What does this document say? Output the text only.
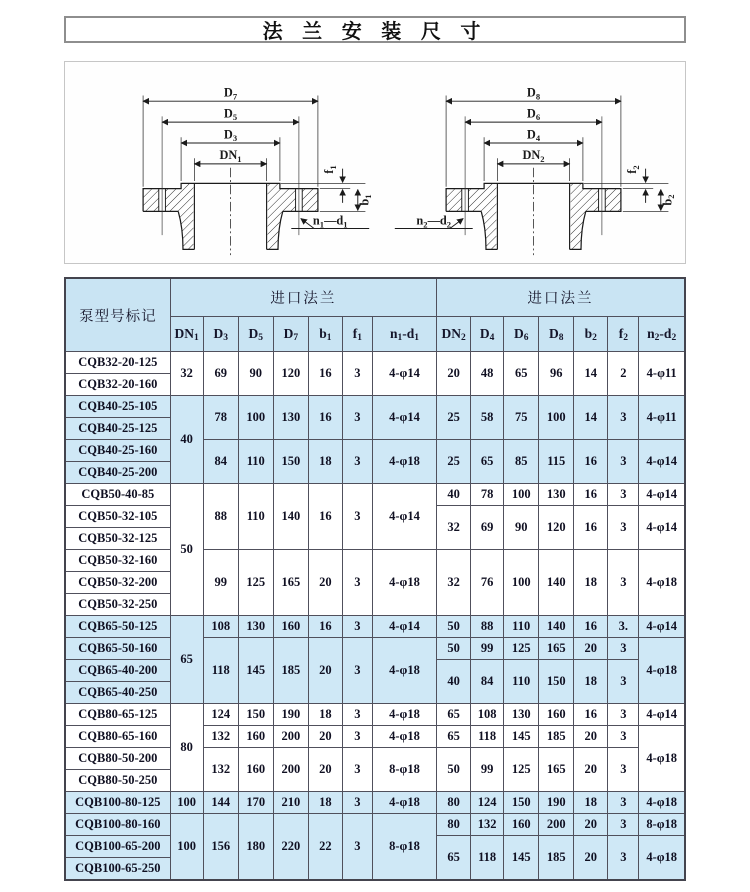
法 兰 安 装 尺 寸
$D_7$
$D_5$
$D_3$
$DN_1$
$f_1$
$b_1$
$n_1—d_1$
$D_8$
$D_6$
$D_4$
$DN_2$
$f_2$
$b_2$
$n_2—d_2$
泵型号标记	进口法兰							进口法兰						
	$DN_1$	$D_3$	$D_5$	$D_7$	$b_1$	$f_1$	$n_1-d_1$	$DN_2$	$D_4$	$D_6$	$D_8$	$b_2$	$f_2$	$n_2-d_2$
CQB32-20-125	32	69	90	120	16	3	4-φ14	20	48	65	96	14	2	4-φ11
CQB32-20-160														
CQB40-25-105	40	78	100	130	16	3	4-φ14	25	58	75	100	14	3	4-φ11
CQB40-25-125														
CQB40-25-160		84	110	150	18	3	4-φ18	25	65	85	115	16	3	4-φ14
CQB40-25-200														
CQB50-40-85	50	88	110	140	16	3	4-φ14	40	78	100	130	16	3	4-φ14
CQB50-32-105								32	69	90	120	16	3	4-φ14
CQB50-32-125														
CQB50-32-160		99	125	165	20	3	4-φ18	32	76	100	140	18	3	4-φ18
CQB50-32-200														
CQB50-32-250														
CQB65-50-125	65	108	130	160	16	3	4-φ14	50	88	110	140	16	3.	4-φ14
CQB65-50-160		118	145	185	20	3	4-φ18	50	99	125	165	20	3	4-φ18
CQB65-40-200								40	84	110	150	18	3	
CQB65-40-250														
CQB80-65-125	80	124	150	190	18	3	4-φ18	65	108	130	160	16	3	4-φ14
CQB80-65-160		132	160	200	20	3	4-φ18	65	118	145	185	20	3	4-φ18
CQB80-50-200		132	160	200	20	3	8-φ18	50	99	125	165	20	3	
CQB80-50-250														
CQB100-80-125	100	144	170	210	18	3	4-φ18	80	124	150	190	18	3	4-φ18
CQB100-80-160	100	156	180	220	22	3	8-φ18	80	132	160	200	20	3	8-φ18
CQB100-65-200								65	118	145	185	20	3	4-φ18
CQB100-65-250														
